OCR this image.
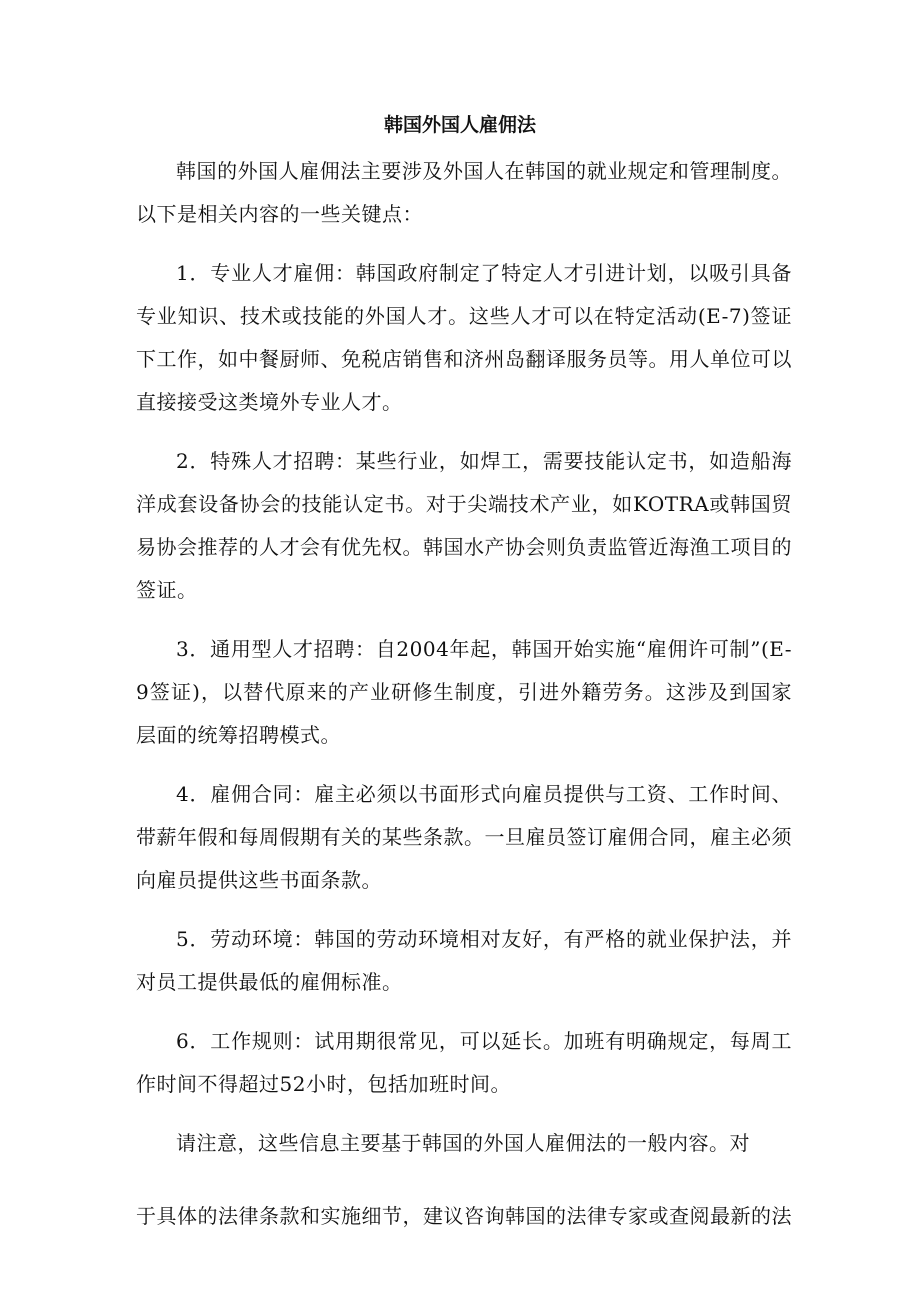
韩国外国人雇佣法

韩国的外国人雇佣法主要涉及外国人在韩国的就业规定和管理制度。以下是相关内容的一些关键点：

1．专业人才雇佣：韩国政府制定了特定人才引进计划，以吸引具备专业知识、技术或技能的外国人才。这些人才可以在特定活动(E-7)签证下工作，如中餐厨师、免税店销售和济州岛翻译服务员等。用人单位可以直接接受这类境外专业人才。

2．特殊人才招聘：某些行业，如焊工，需要技能认定书，如造船海洋成套设备协会的技能认定书。对于尖端技术产业，如KOTRA或韩国贸易协会推荐的人才会有优先权。韩国水产协会则负责监管近海渔工项目的签证。

3．通用型人才招聘：自2004年起，韩国开始实施“雇佣许可制”(E-9签证)，以替代原来的产业研修生制度，引进外籍劳务。这涉及到国家层面的统筹招聘模式。

4．雇佣合同：雇主必须以书面形式向雇员提供与工资、工作时间、带薪年假和每周假期有关的某些条款。一旦雇员签订雇佣合同，雇主必须向雇员提供这些书面条款。

5．劳动环境：韩国的劳动环境相对友好，有严格的就业保护法，并对员工提供最低的雇佣标准。

6．工作规则：试用期很常见，可以延长。加班有明确规定，每周工作时间不得超过52小时，包括加班时间。

请注意，这些信息主要基于韩国的外国人雇佣法的一般内容。对

于具体的法律条款和实施细节，建议咨询韩国的法律专家或查阅最新的法
